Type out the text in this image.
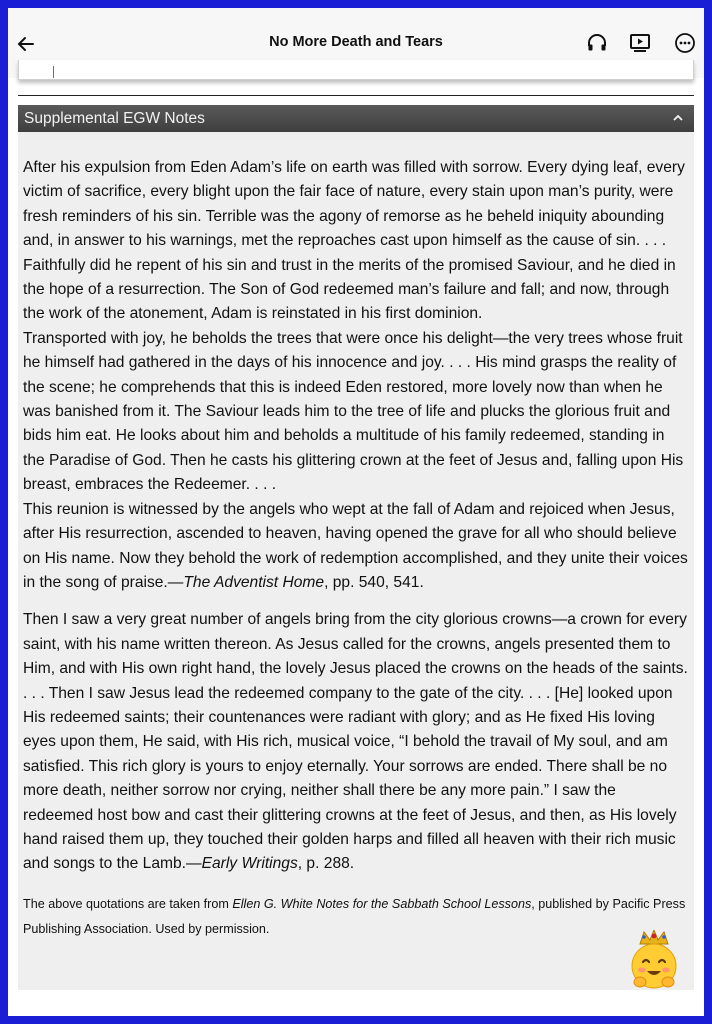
No More Death and Tears
Supplemental EGW Notes

After his expulsion from Eden Adam’s life on earth was filled with sorrow. Every dying leaf, every victim of sacrifice, every blight upon the fair face of nature, every stain upon man’s purity, were fresh reminders of his sin. Terrible was the agony of remorse as he beheld iniquity abounding and, in answer to his warnings, met the reproaches cast upon himself as the cause of sin. . . . Faithfully did he repent of his sin and trust in the merits of the promised Saviour, and he died in the hope of a resurrection. The Son of God redeemed man’s failure and fall; and now, through the work of the atonement, Adam is reinstated in his first dominion.

Transported with joy, he beholds the trees that were once his delight—the very trees whose fruit he himself had gathered in the days of his innocence and joy. . . . His mind grasps the reality of the scene; he comprehends that this is indeed Eden restored, more lovely now than when he was banished from it. The Saviour leads him to the tree of life and plucks the glorious fruit and bids him eat. He looks about him and beholds a multitude of his family redeemed, standing in the Paradise of God. Then he casts his glittering crown at the feet of Jesus and, falling upon His breast, embraces the Redeemer. . . .

This reunion is witnessed by the angels who wept at the fall of Adam and rejoiced when Jesus, after His resurrection, ascended to heaven, having opened the grave for all who should believe on His name. Now they behold the work of redemption accomplished, and they unite their voices in the song of praise.—The Adventist Home, pp. 540, 541.

Then I saw a very great number of angels bring from the city glorious crowns—a crown for every saint, with his name written thereon. As Jesus called for the crowns, angels presented them to Him, and with His own right hand, the lovely Jesus placed the crowns on the heads of the saints. . . . Then I saw Jesus lead the redeemed company to the gate of the city. . . . [He] looked upon His redeemed saints; their countenances were radiant with glory; and as He fixed His loving eyes upon them, He said, with His rich, musical voice, “I behold the travail of My soul, and am satisfied. This rich glory is yours to enjoy eternally. Your sorrows are ended. There shall be no more death, neither sorrow nor crying, neither shall there be any more pain.” I saw the redeemed host bow and cast their glittering crowns at the feet of Jesus, and then, as His lovely hand raised them up, they touched their golden harps and filled all heaven with their rich music and songs to the Lamb.—Early Writings, p. 288.

The above quotations are taken from Ellen G. White Notes for the Sabbath School Lessons, published by Pacific Press Publishing Association. Used by permission.
